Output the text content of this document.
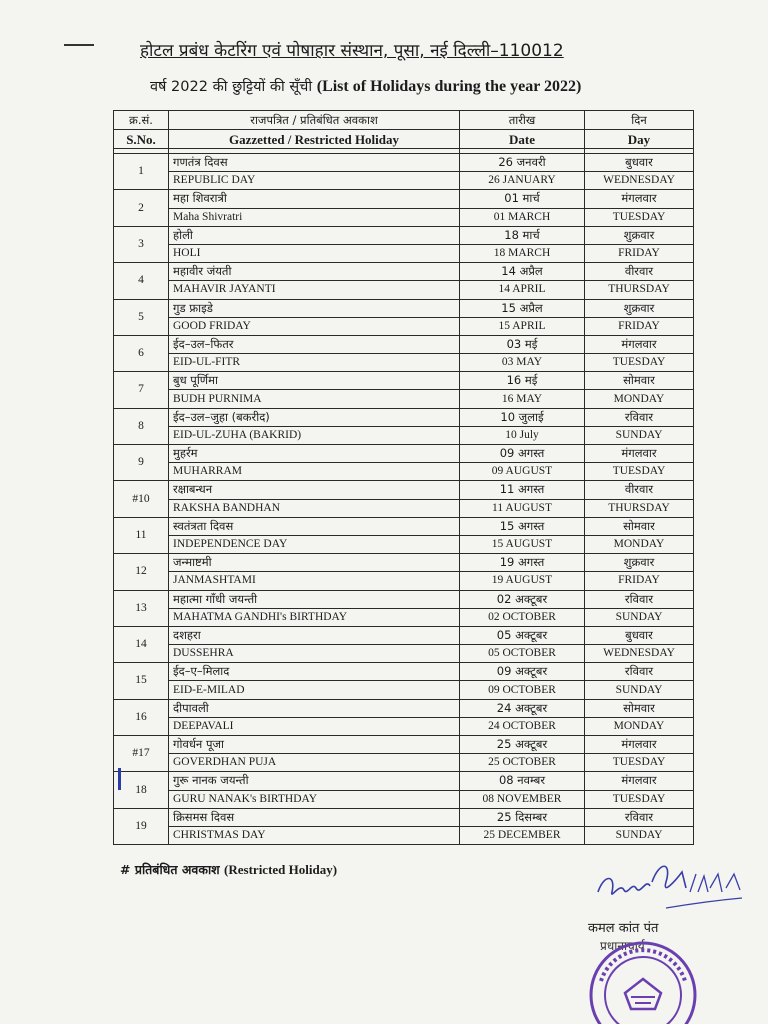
होटल प्रबंध केटरिंग एवं पोषाहार संस्थान, पूसा, नई दिल्ली–110012
वर्ष 2022 की छुट्टियों की सूँची (List of Holidays during the year 2022)
क्र.सं.	राजपत्रित / प्रतिबंधित अवकाश	तारीख	दिन
S.No.	Gazzetted / Restricted Holiday	Date	Day

1	गणतंत्र दिवस	26 जनवरी	बुधवार
	REPUBLIC DAY	26 JANUARY	WEDNESDAY
2	महा शिवरात्री	01 मार्च	मंगलवार
	Maha Shivratri	01 MARCH	TUESDAY
3	होली	18 मार्च	शुक्रवार
	HOLI	18 MARCH	FRIDAY
4	महावीर जंयती	14 अप्रैल	वीरवार
	MAHAVIR JAYANTI	14 APRIL	THURSDAY
5	गुड फ्राइडे	15 अप्रैल	शुक्रवार
	GOOD FRIDAY	15 APRIL	FRIDAY
6	ईद–उल–फितर	03 मई	मंगलवार
	EID-UL-FITR	03 MAY	TUESDAY
7	बुध पूर्णिमा	16 मई	सोमवार
	BUDH PURNIMA	16 MAY	MONDAY
8	ईद–उल–जुहा (बकरीद)	10 जुलाई	रविवार
	EID-UL-ZUHA (BAKRID)	10 July	SUNDAY
9	मुहर्रम	09 अगस्त	मंगलवार
	MUHARRAM	09 AUGUST	TUESDAY
#10	रक्षाबन्धन	11 अगस्त	वीरवार
	RAKSHA BANDHAN	11 AUGUST	THURSDAY
11	स्वतंत्रता दिवस	15 अगस्त	सोमवार
	INDEPENDENCE DAY	15 AUGUST	MONDAY
12	जन्माष्टमी	19 अगस्त	शुक्रवार
	JANMASHTAMI	19 AUGUST	FRIDAY
13	महात्मा गाँधी जयन्ती	02 अक्टूबर	रविवार
	MAHATMA GANDHI's BIRTHDAY	02 OCTOBER	SUNDAY
14	दशहरा	05 अक्टूबर	बुधवार
	DUSSEHRA	05 OCTOBER	WEDNESDAY
15	ईद–ए–मिलाद	09 अक्टूबर	रविवार
	EID-E-MILAD	09 OCTOBER	SUNDAY
16	दीपावली	24 अक्टूबर	सोमवार
	DEEPAVALI	24 OCTOBER	MONDAY
#17	गोवर्धन पूजा	25 अक्टूबर	मंगलवार
	GOVERDHAN PUJA	25 OCTOBER	TUESDAY
18	गुरू नानक जयन्ती	08 नवम्बर	मंगलवार
	GURU NANAK's BIRTHDAY	08 NOVEMBER	TUESDAY
19	क्रिसमस दिवस	25 दिसम्बर	रविवार
	CHRISTMAS DAY	25 DECEMBER	SUNDAY
# प्रतिबंधित अवकाश (Restricted Holiday)
कमल कांत पंत
प्रधानाचार्य
